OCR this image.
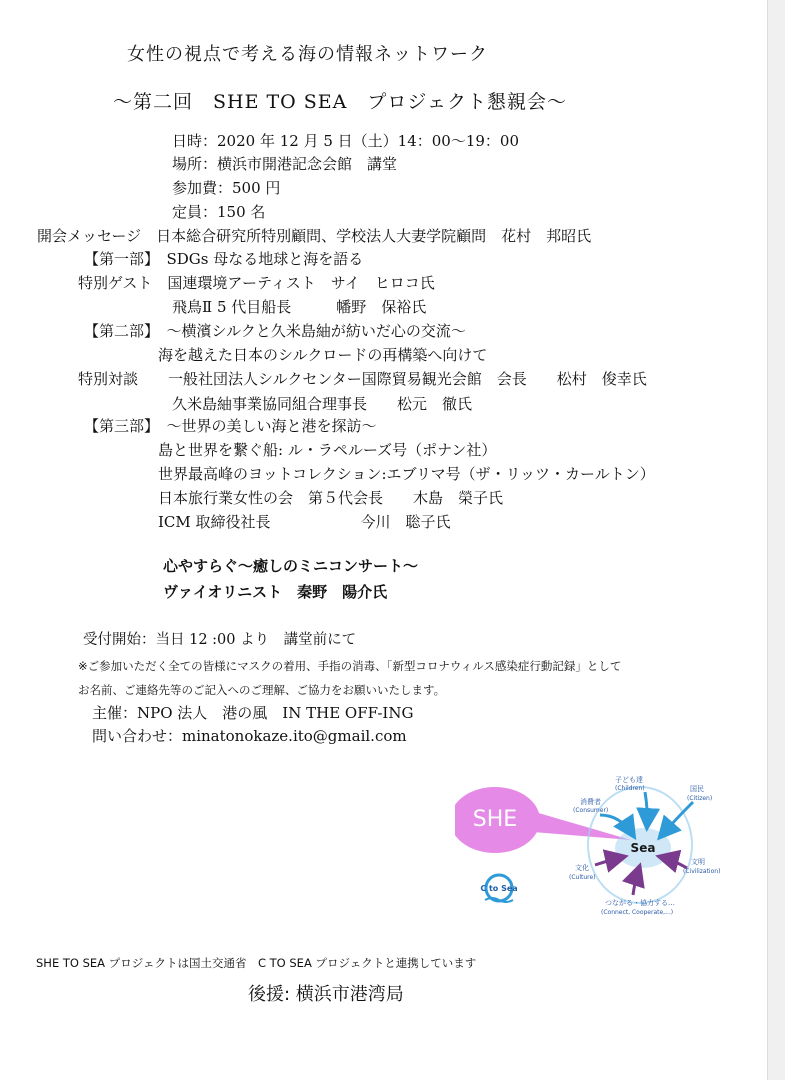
女性の視点で考える海の情報ネットワーク
〜第二回　SHE TO SEA　プロジェクト懇親会〜
日時：2020 年 12 月 5 日（土）14：00〜19：00
場所：横浜市開港記念会館　講堂
参加費：500 円
定員：150 名
開会メッセージ　日本総合研究所特別顧問、学校法人大妻学院顧問　花村　邦昭氏
【第一部】　SDGs 母なる地球と海を語る
特別ゲスト　国連環境アーティスト　サイ　ヒロコ氏
飛鳥Ⅱ 5 代目船長　　　幡野　保裕氏
【第二部】　〜横濱シルクと久米島紬が紡いだ心の交流〜
海を越えた日本のシルクロードの再構築へ向けて
特別対談　　一般社団法人シルクセンター国際貿易観光会館　会長　　松村　俊幸氏
久米島紬事業協同組合理事長　　松元　徹氏
【第三部】　〜世界の美しい海と港を探訪〜
島と世界を繋ぐ船: ル・ラペルーズ号（ポナン社）
世界最高峰のヨットコレクション:エブリマ号（ザ・リッツ・カールトン）
日本旅行業女性の会　第５代会長　　木島　榮子氏
ICM 取締役社長　　　　　　今川　聡子氏
心やすらぐ〜癒しのミニコンサート〜
ヴァイオリニスト　秦野　陽介氏
受付開始：当日 12 :00 より　講堂前にて
※ご参加いただく全ての皆様にマスクの着用、手指の消毒、「新型コロナウィルス感染症行動記録」として
お名前、ご連絡先等のご記入へのご理解、ご協力をお願いいたします。
主催：NPO 法人　港の風　IN THE OFF-ING
問い合わせ：minatonokaze.ito@gmail.com
SHE
Sea
子ども達
(Children)	国民
(Citizen)
消費者
(Consumer)
文化
(Culture)
文明
(Civilization)
つながる・協力する…
(Connect, Cooperate,...)
C to Sea
SHE TO SEA プロジェクトは国土交通省　C TO SEA プロジェクトと連携しています
後援: 横浜市港湾局
